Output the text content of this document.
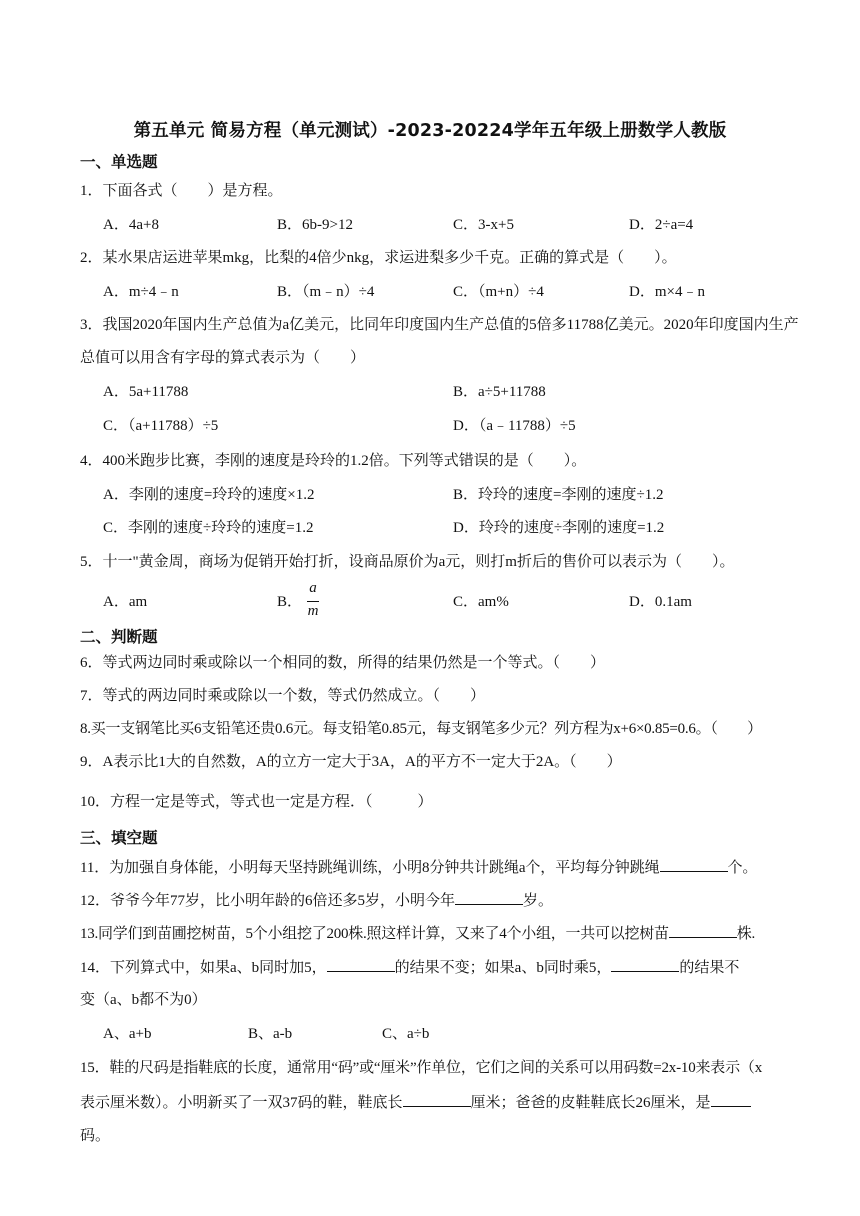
第五单元 简易方程（单元测试）-2023-20224学年五年级上册数学人教版
一、单选题
1．下面各式（　　）是方程。
A．4a+8	B．6b-9>12	C．3-x+5	D．2÷a=4
2．某水果店运进苹果mkg，比梨的4倍少nkg，求运进梨多少千克。正确的算式是（　　）。
A．m÷4﹣n	B．（m﹣n）÷4	C．（m+n）÷4	D．m×4﹣n
3．我国2020年国内生产总值为a亿美元，比同年印度国内生产总值的5倍多11788亿美元。2020年印度国内生产总值可以用含有字母的算式表示为（　　）
A．5a+11788	B．a÷5+11788
C．（a+11788）÷5	D．（a﹣11788）÷5
4．400米跑步比赛，李刚的速度是玲玲的1.2倍。下列等式错误的是（　　）。
A．李刚的速度=玲玲的速度×1.2	B．玲玲的速度=李刚的速度÷1.2
C．李刚的速度÷玲玲的速度=1.2	D．玲玲的速度÷李刚的速度=1.2
5．十一"黄金周，商场为促销开始打折，设商品原价为a元，则打m折后的售价可以表示为（　　）。
A．am	B．
a
m
C．am%	D．0.1am
二、判断题
6．等式两边同时乘或除以一个相同的数，所得的结果仍然是一个等式。（　　）
7．等式的两边同时乘或除以一个数，等式仍然成立。（　　）
8.买一支钢笔比买6支铅笔还贵0.6元。每支铅笔0.85元，每支钢笔多少元？列方程为x+6×0.85=0.6。（　　）
9．A表示比1大的自然数，A的立方一定大于3A，A的平方不一定大于2A。（　　）
10．方程一定是等式，等式也一定是方程．（　　　）
三、填空题
11．为加强自身体能，小明每天坚持跳绳训练，小明8分钟共计跳绳a个，平均每分钟跳绳	个。
12．爷爷今年77岁，比小明年龄的6倍还多5岁，小明今年	岁。
13.同学们到苗圃挖树苗，5个小组挖了200株.照这样计算，又来了4个小组，一共可以挖树苗	株.
14．下列算式中，如果a、b同时加5，	的结果不变；如果a、b同时乘5，	的结果不
变（a、b都不为0）
A、a+b	B、a-b	C、a÷b
15．鞋的尺码是指鞋底的长度，通常用“码”或“厘米”作单位，它们之间的关系可以用码数=2x-10来表示（x
表示厘米数）。小明新买了一双37码的鞋，鞋底长	厘米；爸爸的皮鞋鞋底长26厘米，是
码。
